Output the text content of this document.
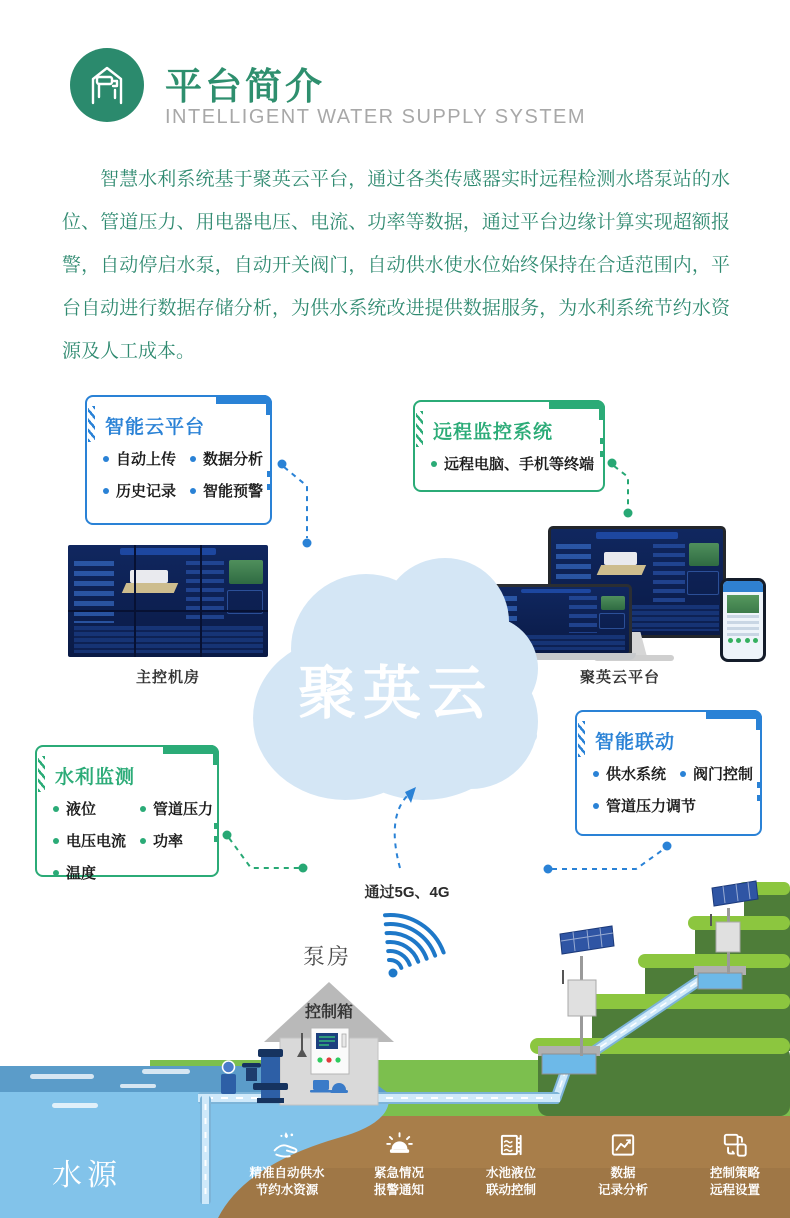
平台简介
INTELLIGENT WATER SUPPLY SYSTEM
智慧水利系统基于聚英云平台，通过各类传感器实时远程检测水塔泵站的水位、管道压力、用电器电压、电流、功率等数据，通过平台边缘计算实现超额报警，自动停启水泵，自动开关阀门，自动供水使水位始终保持在合适范围内，平台自动进行数据存储分析，为供水系统改进提供数据服务，为水利系统节约水资源及人工成本。
智能云平台
自动上传 数据分析
历史记录 智能预警
远程监控系统
远程电脑、手机等终端
水利监测
液位	管道压力
电压电流 功率
温度
智能联动
供水系统 阀门控制
管道压力调节
主控机房	聚英云平台
聚英云
通过5G、4G
泵房
控制箱
水源	精准自动供水
节约水资源
紧急情况
报警通知
水池液位
联动控制
数据
记录分析
控制策略
远程设置
